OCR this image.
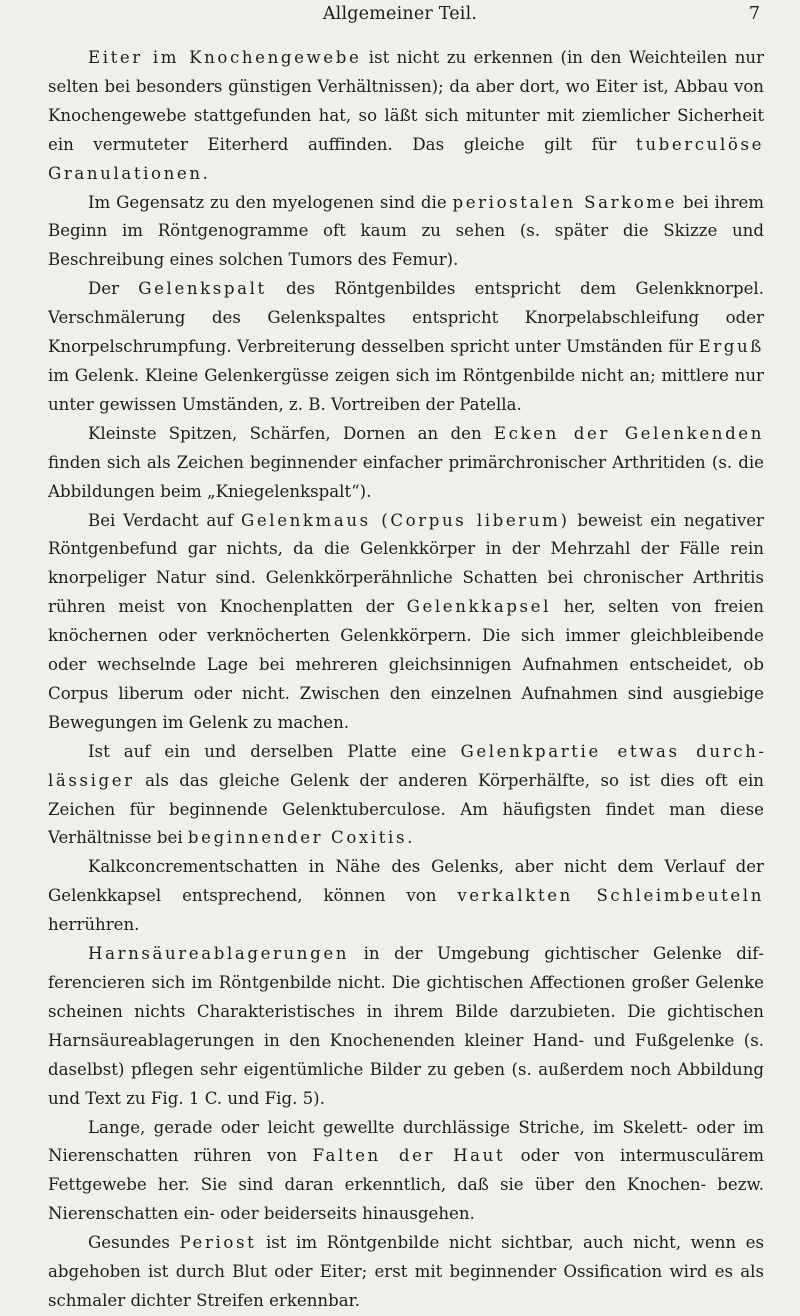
Allgemeiner Teil.	7

Eiter im Knochengewebe ist nicht zu erkennen (in den Weichteilen nur selten bei besonders günstigen Verhältnissen); da aber dort, wo Eiter ist, Abbau von Knochengewebe stattgefunden hat, so läßt sich mitunter mit ziemlicher Sicherheit ein vermuteter Eiterherd auffinden. Das gleiche gilt für tuberculöse Granulationen.

Im Gegensatz zu den myelogenen sind die periostalen Sarkome bei ihrem Beginn im Röntgenogramme oft kaum zu sehen (s. später die Skizze und Beschreibung eines solchen Tumors des Femur).

Der Gelenkspalt des Röntgenbildes entspricht dem Gelenkknorpel. Verschmälerung des Gelenkspaltes entspricht Knorpelabschleifung oder Knorpelschrumpfung. Verbreiterung desselben spricht unter Umständen für Erguß im Gelenk. Kleine Gelenkergüsse zeigen sich im Röntgenbilde nicht an; mittlere nur unter gewissen Umständen, z. B. Vortreiben der Patella.

Kleinste Spitzen, Schärfen, Dornen an den Ecken der Gelenkenden finden sich als Zeichen beginnender einfacher primärchronischer Arthritiden (s. die Abbildungen beim „Kniegelenkspalt“).

Bei Verdacht auf Gelenkmaus (Corpus liberum) beweist ein negativer Röntgenbefund gar nichts, da die Gelenkkörper in der Mehrzahl der Fälle rein knorpeliger Natur sind. Gelenkkörperähnliche Schatten bei chronischer Arthritis rühren meist von Knochenplatten der Gelenkkapsel her, selten von freien knöchernen oder verknöcherten Gelenkkörpern. Die sich immer gleichbleibende oder wechselnde Lage bei mehreren gleichsinnigen Aufnahmen entscheidet, ob Corpus liberum oder nicht. Zwischen den einzelnen Aufnahmen sind ausgiebige Bewegungen im Gelenk zu machen.

Ist auf ein und derselben Platte eine Gelenkpartie etwas durchlässiger als das gleiche Gelenk der anderen Körperhälfte, so ist dies oft ein Zeichen für beginnende Gelenktuberculose. Am häufigsten findet man diese Verhältnisse bei beginnender Coxitis.

Kalkconcrementschatten in Nähe des Gelenks, aber nicht dem Verlauf der Gelenkkapsel entsprechend, können von verkalkten Schleimbeuteln herrühren.

Harnsäureablagerungen in der Umgebung gichtischer Gelenke differencieren sich im Röntgenbilde nicht. Die gichtischen Affectionen großer Gelenke scheinen nichts Charakteristisches in ihrem Bilde darzubieten. Die gichtischen Harnsäureablagerungen in den Knochenenden kleiner Hand- und Fußgelenke (s. daselbst) pflegen sehr eigentümliche Bilder zu geben (s. außerdem noch Abbildung und Text zu Fig. 1 C. und Fig. 5).

Lange, gerade oder leicht gewellte durchlässige Striche, im Skelett- oder im Nierenschatten rühren von Falten der Haut oder von intermusculärem Fettgewebe her. Sie sind daran erkenntlich, daß sie über den Knochen- bezw. Nierenschatten ein- oder beiderseits hinausgehen.

Gesundes Periost ist im Röntgenbilde nicht sichtbar, auch nicht, wenn es abgehoben ist durch Blut oder Eiter; erst mit beginnender Ossification wird es als schmaler dichter Streifen erkennbar.
